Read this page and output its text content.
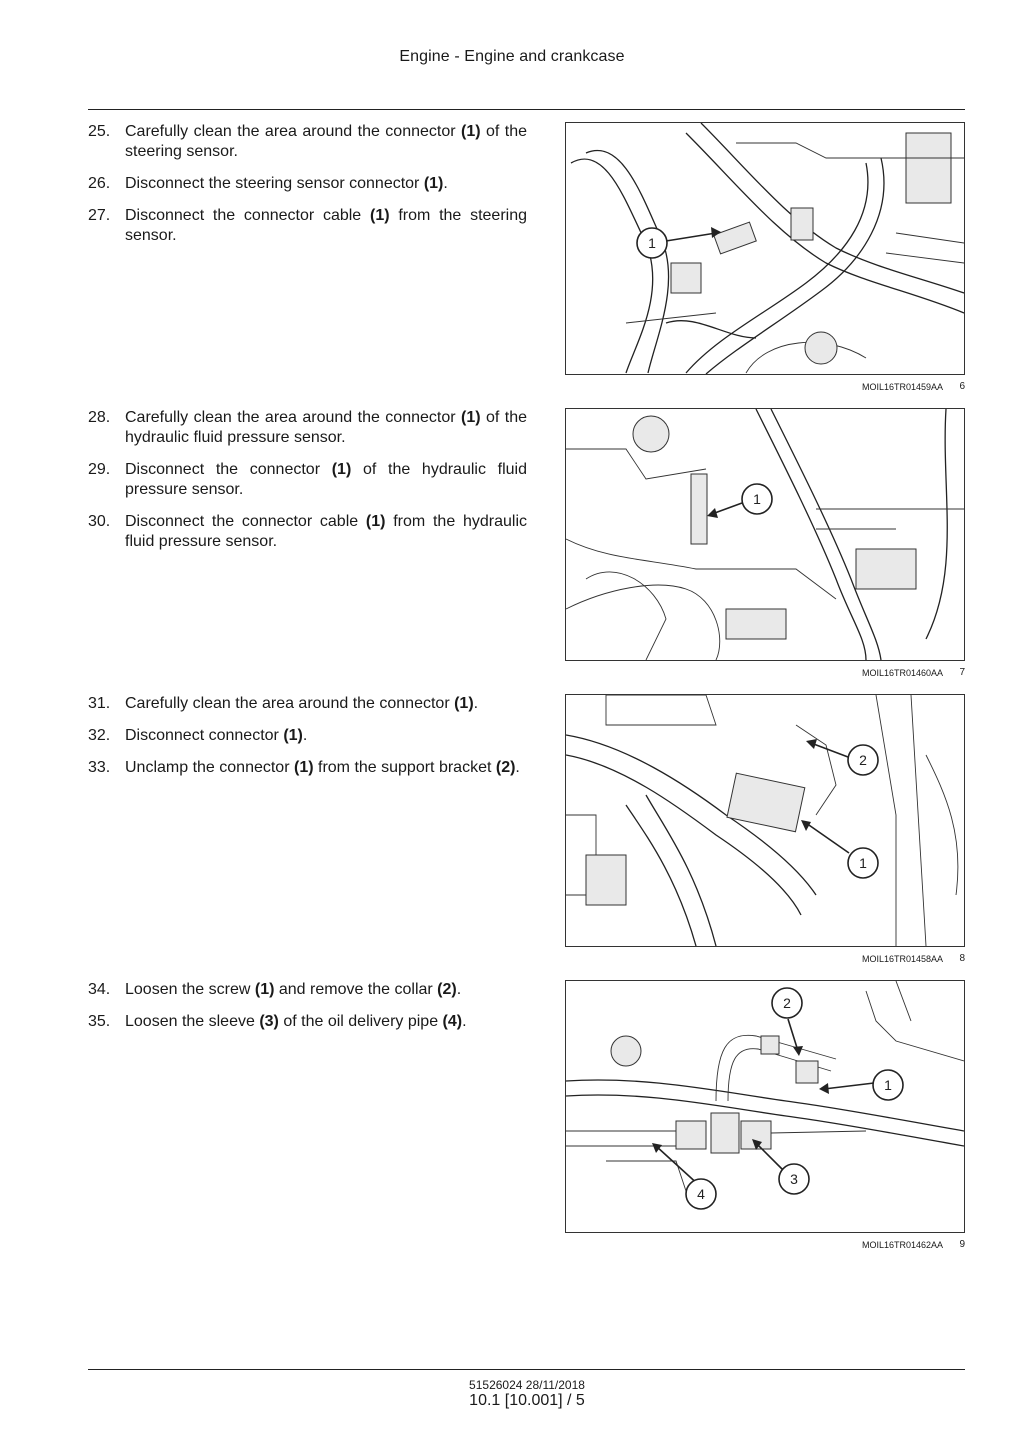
Engine - Engine and crankcase
25. Carefully clean the area around the connector (1) of the steering sensor.
26. Disconnect the steering sensor connector (1).
27. Disconnect the connector cable (1) from the steering sensor.	1
MOIL16TR01459AA 6
28. Carefully clean the area around the connector (1) of the hydraulic fluid pressure sensor.
29. Disconnect the connector (1) of the hydraulic fluid pressure sensor.
30. Disconnect the connector cable (1) from the hydraulic fluid pressure sensor.
1
MOIL16TR01460AA 7
31. Carefully clean the area around the connector (1).
32. Disconnect connector (1).
33. Unclamp the connector (1) from the support bracket (2).	2
1
MOIL16TR01458AA 8
34. Loosen the screw (1) and remove the collar (2).
35. Loosen the sleeve (3) of the oil delivery pipe (4).
2
1
4
3
MOIL16TR01462AA 9
51526024 28/11/2018
10.1 [10.001] / 5
